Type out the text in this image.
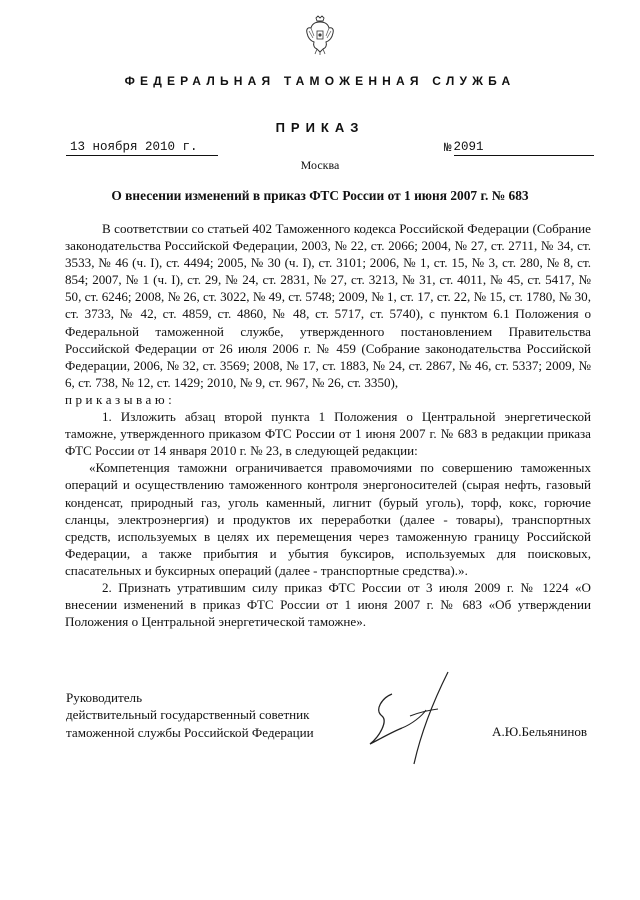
ФЕДЕРАЛЬНАЯ ТАМОЖЕННАЯ СЛУЖБА
ПРИКАЗ
13 ноября 2010 г.	№ 2091
Москва
О внесении изменений в приказ ФТС России от 1 июня 2007 г. № 683

В соответствии со статьей 402 Таможенного кодекса Российской Федерации (Собрание законодательства Российской Федерации, 2003, № 22, ст. 2066; 2004, № 27, ст. 2711, № 34, ст. 3533, № 46 (ч. I), ст. 4494; 2005, № 30 (ч. I), ст. 3101; 2006, № 1, ст. 15, № 3, ст. 280, № 8, ст. 854; 2007, № 1 (ч. I), ст. 29, № 24, ст. 2831, № 27, ст. 3213, № 31, ст. 4011, № 45, ст. 5417, № 50, ст. 6246; 2008, № 26, ст. 3022, № 49, ст. 5748; 2009, № 1, ст. 17, ст. 22, № 15, ст. 1780, № 30, ст. 3733, № 42, ст. 4859, ст. 4860, № 48, ст. 5717, ст. 5740), с пунктом 6.1 Положения о Федеральной таможенной службе, утвержденного постановлением Правительства Российской Федерации от 26 июля 2006 г. № 459 (Собрание законодательства Российской Федерации, 2006, № 32, ст. 3569; 2008, № 17, ст. 1883, № 24, ст. 2867, № 46, ст. 5337; 2009, № 6, ст. 738, № 12, ст. 1429; 2010, № 9, ст. 967, № 26, ст. 3350),

приказываю:

1. Изложить абзац второй пункта 1 Положения о Центральной энергетической таможне, утвержденного приказом ФТС России от 1 июня 2007 г. № 683 в редакции приказа ФТС России от 14 января 2010 г. № 23, в следующей редакции:

«Компетенция таможни ограничивается правомочиями по совершению таможенных операций и осуществлению таможенного контроля энергоносителей (сырая нефть, газовый конденсат, природный газ, уголь каменный, лигнит (бурый уголь), торф, кокс, горючие сланцы, электроэнергия) и продуктов их переработки (далее - товары), транспортных средств, используемых в целях их перемещения через таможенную границу Российской Федерации, а также прибытия и убытия буксиров, используемых для поисковых, спасательных и буксирных операций (далее - транспортные средства).».

2. Признать утратившим силу приказ ФТС России от 3 июля 2009 г. № 1224 «О внесении изменений в приказ ФТС России от 1 июня 2007 г. № 683 «Об утверждении Положения о Центральной энергетической таможне».

Руководитель
действительный государственный советник
таможенной службы Российской Федерации	А.Ю.Бельянинов
